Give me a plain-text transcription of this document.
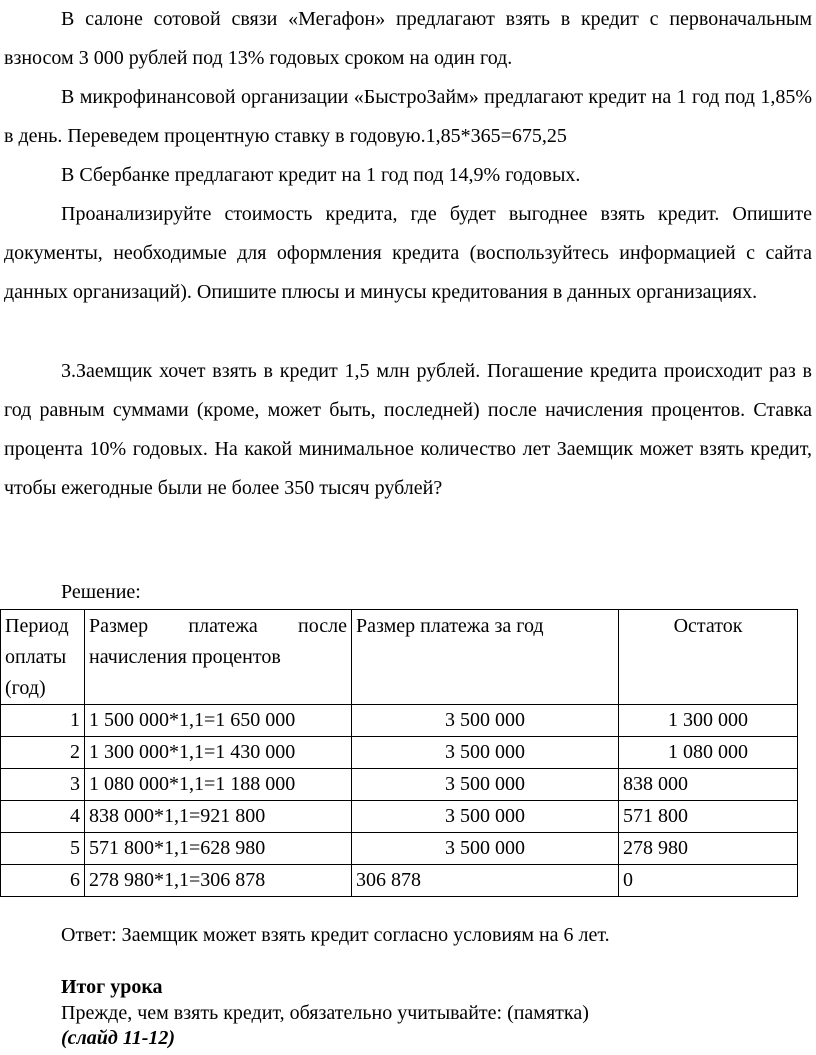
В салоне сотовой связи «Мегафон» предлагают взять в кредит с первоначальным взносом 3 000 рублей под 13% годовых сроком на один год.

В микрофинансовой организации «БыстроЗайм» предлагают кредит на 1 год под 1,85% в день. Переведем процентную ставку в годовую.1,85*365=675,25

В Сбербанке предлагают кредит на 1 год под 14,9% годовых.

Проанализируйте стоимость кредита, где будет выгоднее взять кредит. Опишите документы, необходимые для оформления кредита (воспользуйтесь информацией с сайта данных организаций). Опишите плюсы и минусы кредитования в данных организациях.

3.Заемщик хочет взять в кредит 1,5 млн рублей. Погашение кредита происходит раз в год равным суммами (кроме, может быть, последней) после начисления процентов. Ставка процента 10% годовых. На какой минимальное количество лет Заемщик может взять кредит, чтобы ежегодные были не более 350 тысяч рублей?

Решение:

Период оплаты (год)	Размер платежа после начисления процентов	Размер платежа за год	Остаток
1	1 500 000*1,1=1 650 000	3 500 000	1 300 000
2	1 300 000*1,1=1 430 000	3 500 000	1 080 000
3	1 080 000*1,1=1 188 000	3 500 000	838 000
4	838 000*1,1=921 800	3 500 000	571 800
5	571 800*1,1=628 980	3 500 000	278 980
6	278 980*1,1=306 878	306 878	0

Ответ: Заемщик может взять кредит согласно условиям на 6 лет.

Итог урока

Прежде, чем взять кредит, обязательно учитывайте: (памятка)

(слайд 11-12)
